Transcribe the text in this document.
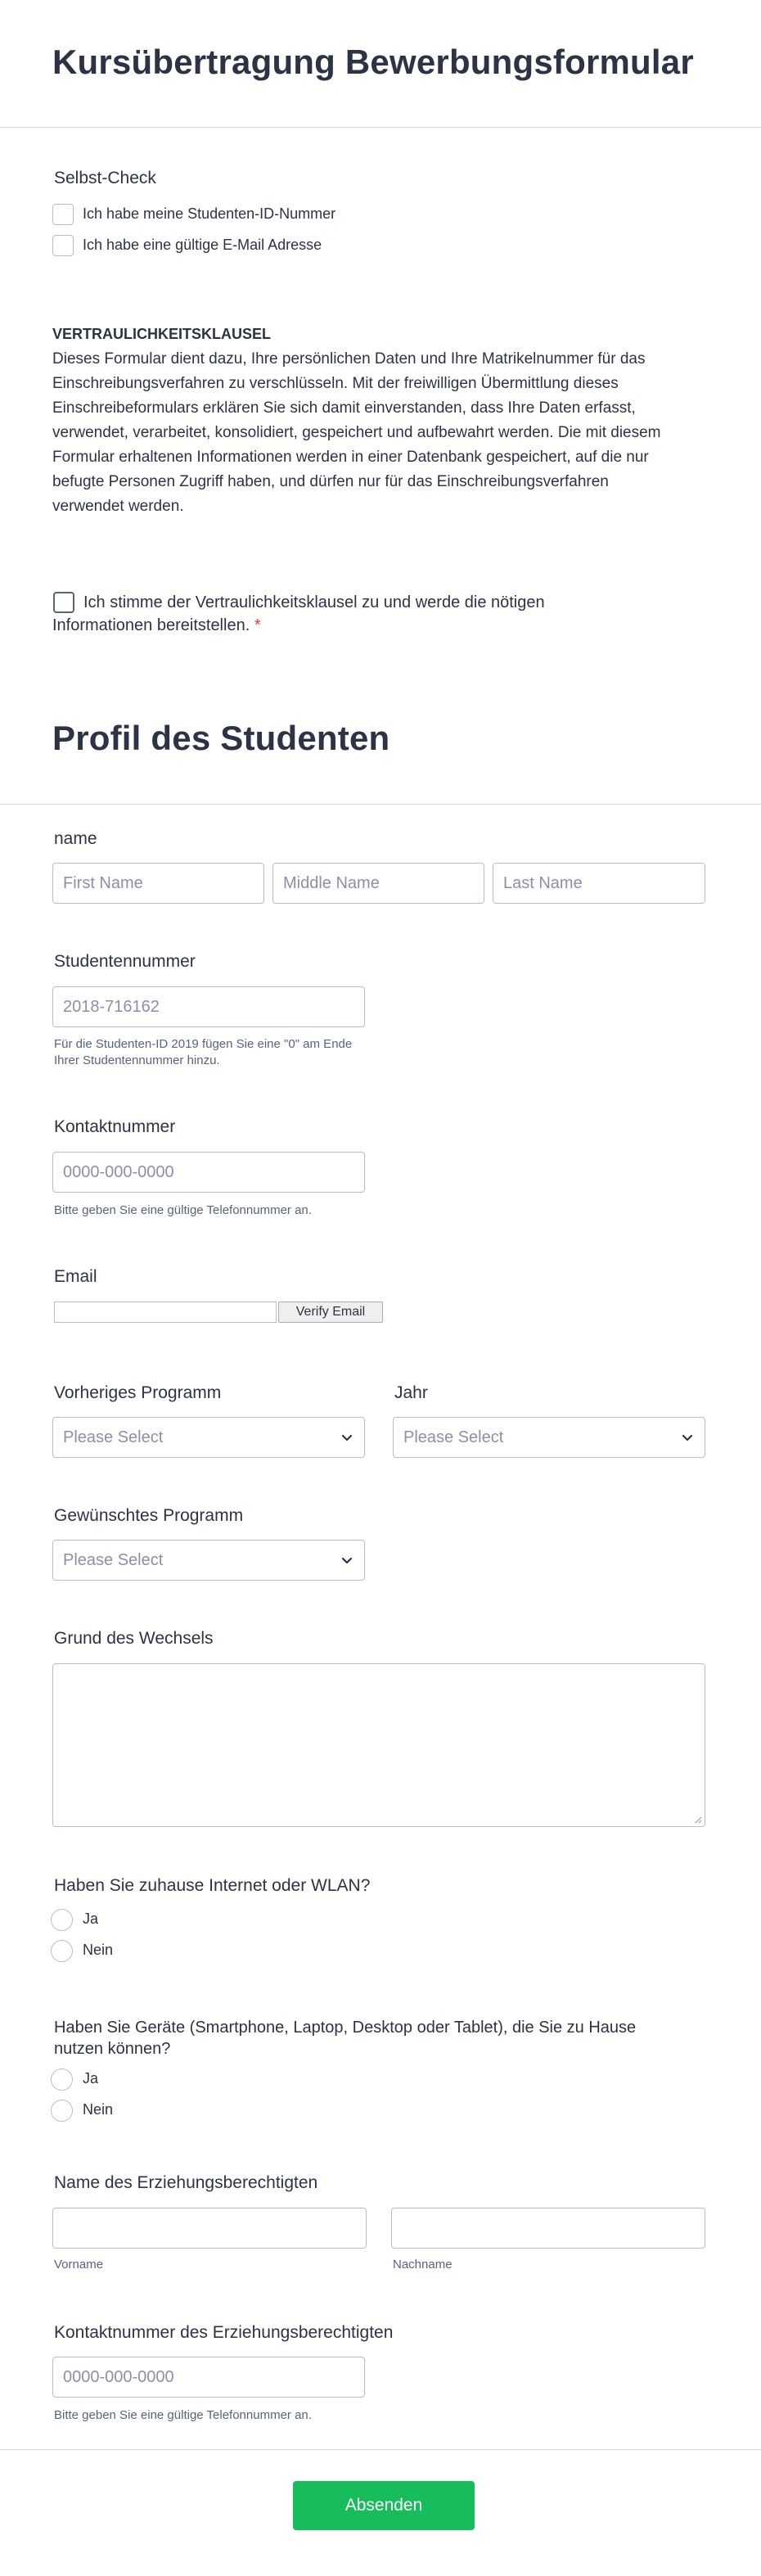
Kursübertragung Bewerbungsformular
Selbst-Check
Ich habe meine Studenten-ID-Nummer
Ich habe eine gültige E-Mail Adresse
VERTRAULICHKEITSKLAUSEL
Dieses Formular dient dazu, Ihre persönlichen Daten und Ihre Matrikelnummer für das
Einschreibungsverfahren zu verschlüsseln. Mit der freiwilligen Übermittlung dieses
Einschreibeformulars erklären Sie sich damit einverstanden, dass Ihre Daten erfasst,
verwendet, verarbeitet, konsolidiert, gespeichert und aufbewahrt werden. Die mit diesem
Formular erhaltenen Informationen werden in einer Datenbank gespeichert, auf die nur
befugte Personen Zugriff haben, und dürfen nur für das Einschreibungsverfahren
verwendet werden.
Ich stimme der Vertraulichkeitsklausel zu und werde die nötigen
Informationen bereitstellen. *
Profil des Studenten
name
First Name
Middle Name
Last Name
Studentennummer
2018-716162
Für die Studenten-ID 2019 fügen Sie eine "0" am Ende
Ihrer Studentennummer hinzu.
Kontaktnummer
0000-000-0000
Bitte geben Sie eine gültige Telefonnummer an.
Email
Verify Email
Vorheriges Programm
Please Select
Jahr
Please Select
Gewünschtes Programm
Please Select
Grund des Wechsels
Haben Sie zuhause Internet oder WLAN?
Ja
Nein
Haben Sie Geräte (Smartphone, Laptop, Desktop oder Tablet), die Sie zu Hause
nutzen können?
Ja
Nein
Name des Erziehungsberechtigten
Vorname	Nachname
Kontaktnummer des Erziehungsberechtigten
0000-000-0000
Bitte geben Sie eine gültige Telefonnummer an.
Absenden
